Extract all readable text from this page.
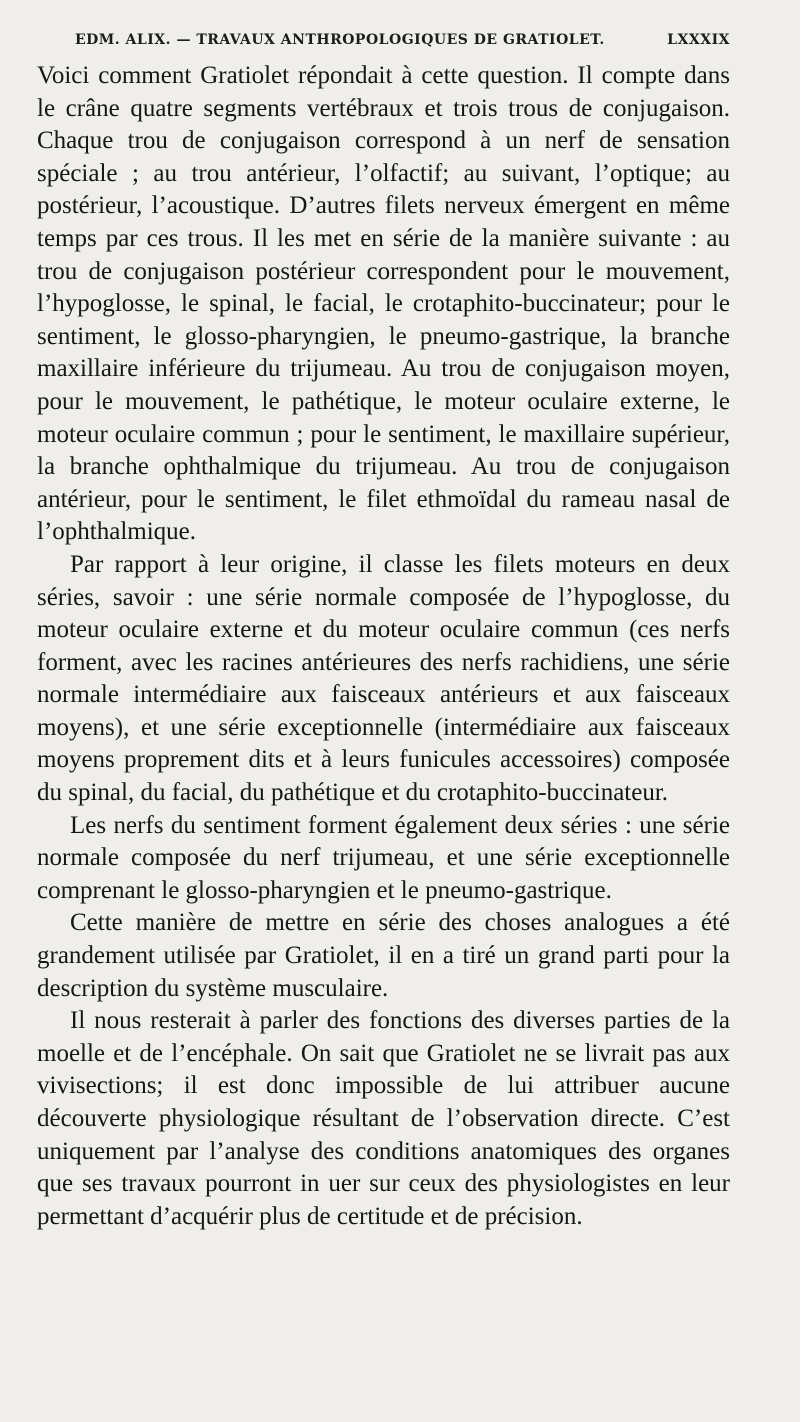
EDM. ALIX. — TRAVAUX ANTHROPOLOGIQUES DE GRATIOLET.	LXXXIX

Voici comment Gratiolet répondait à cette question. Il compte dans le crâne quatre segments vertébraux et trois trous de conjugaison. Chaque trou de conjugaison correspond à un nerf de sensation spéciale ; au trou antérieur, l’olfactif; au suivant, l’optique; au postérieur, l’acoustique. D’autres filets nerveux émergent en même temps par ces trous. Il les met en série de la manière suivante : au trou de conjugaison postérieur correspondent pour le mouvement, l’hypoglosse, le spinal, le facial, le crotaphito-buccinateur; pour le sentiment, le glosso-pharyngien, le pneumo-gastrique, la branche maxillaire inférieure du trijumeau. Au trou de conjugaison moyen, pour le mouvement, le pathétique, le moteur oculaire externe, le moteur oculaire commun ; pour le sentiment, le maxillaire supérieur, la branche ophthalmique du trijumeau. Au trou de conjugaison antérieur, pour le sentiment, le filet ethmoïdal du rameau nasal de l’ophthalmique.

Par rapport à leur origine, il classe les filets moteurs en deux séries, savoir : une série normale composée de l’hypoglosse, du moteur oculaire externe et du moteur oculaire commun (ces nerfs forment, avec les racines antérieures des nerfs rachidiens, une série normale intermédiaire aux faisceaux antérieurs et aux faisceaux moyens), et une série exceptionnelle (intermédiaire aux faisceaux moyens proprement dits et à leurs funicules accessoires) composée du spinal, du facial, du pathétique et du crotaphito-buccinateur.

Les nerfs du sentiment forment également deux séries : une série normale composée du nerf trijumeau, et une série exceptionnelle comprenant le glosso-pharyngien et le pneumo-gastrique.

Cette manière de mettre en série des choses analogues a été grandement utilisée par Gratiolet, il en a tiré un grand parti pour la description du système musculaire.

Il nous resterait à parler des fonctions des diverses parties de la moelle et de l’encéphale. On sait que Gratiolet ne se livrait pas aux vivisections; il est donc impossible de lui attribuer aucune découverte physiologique résultant de l’observation directe. C’est uniquement par l’analyse des conditions anatomiques des organes que ses travaux pourront in uer sur ceux des physiologistes en leur permettant d’acquérir plus de certitude et de précision.
